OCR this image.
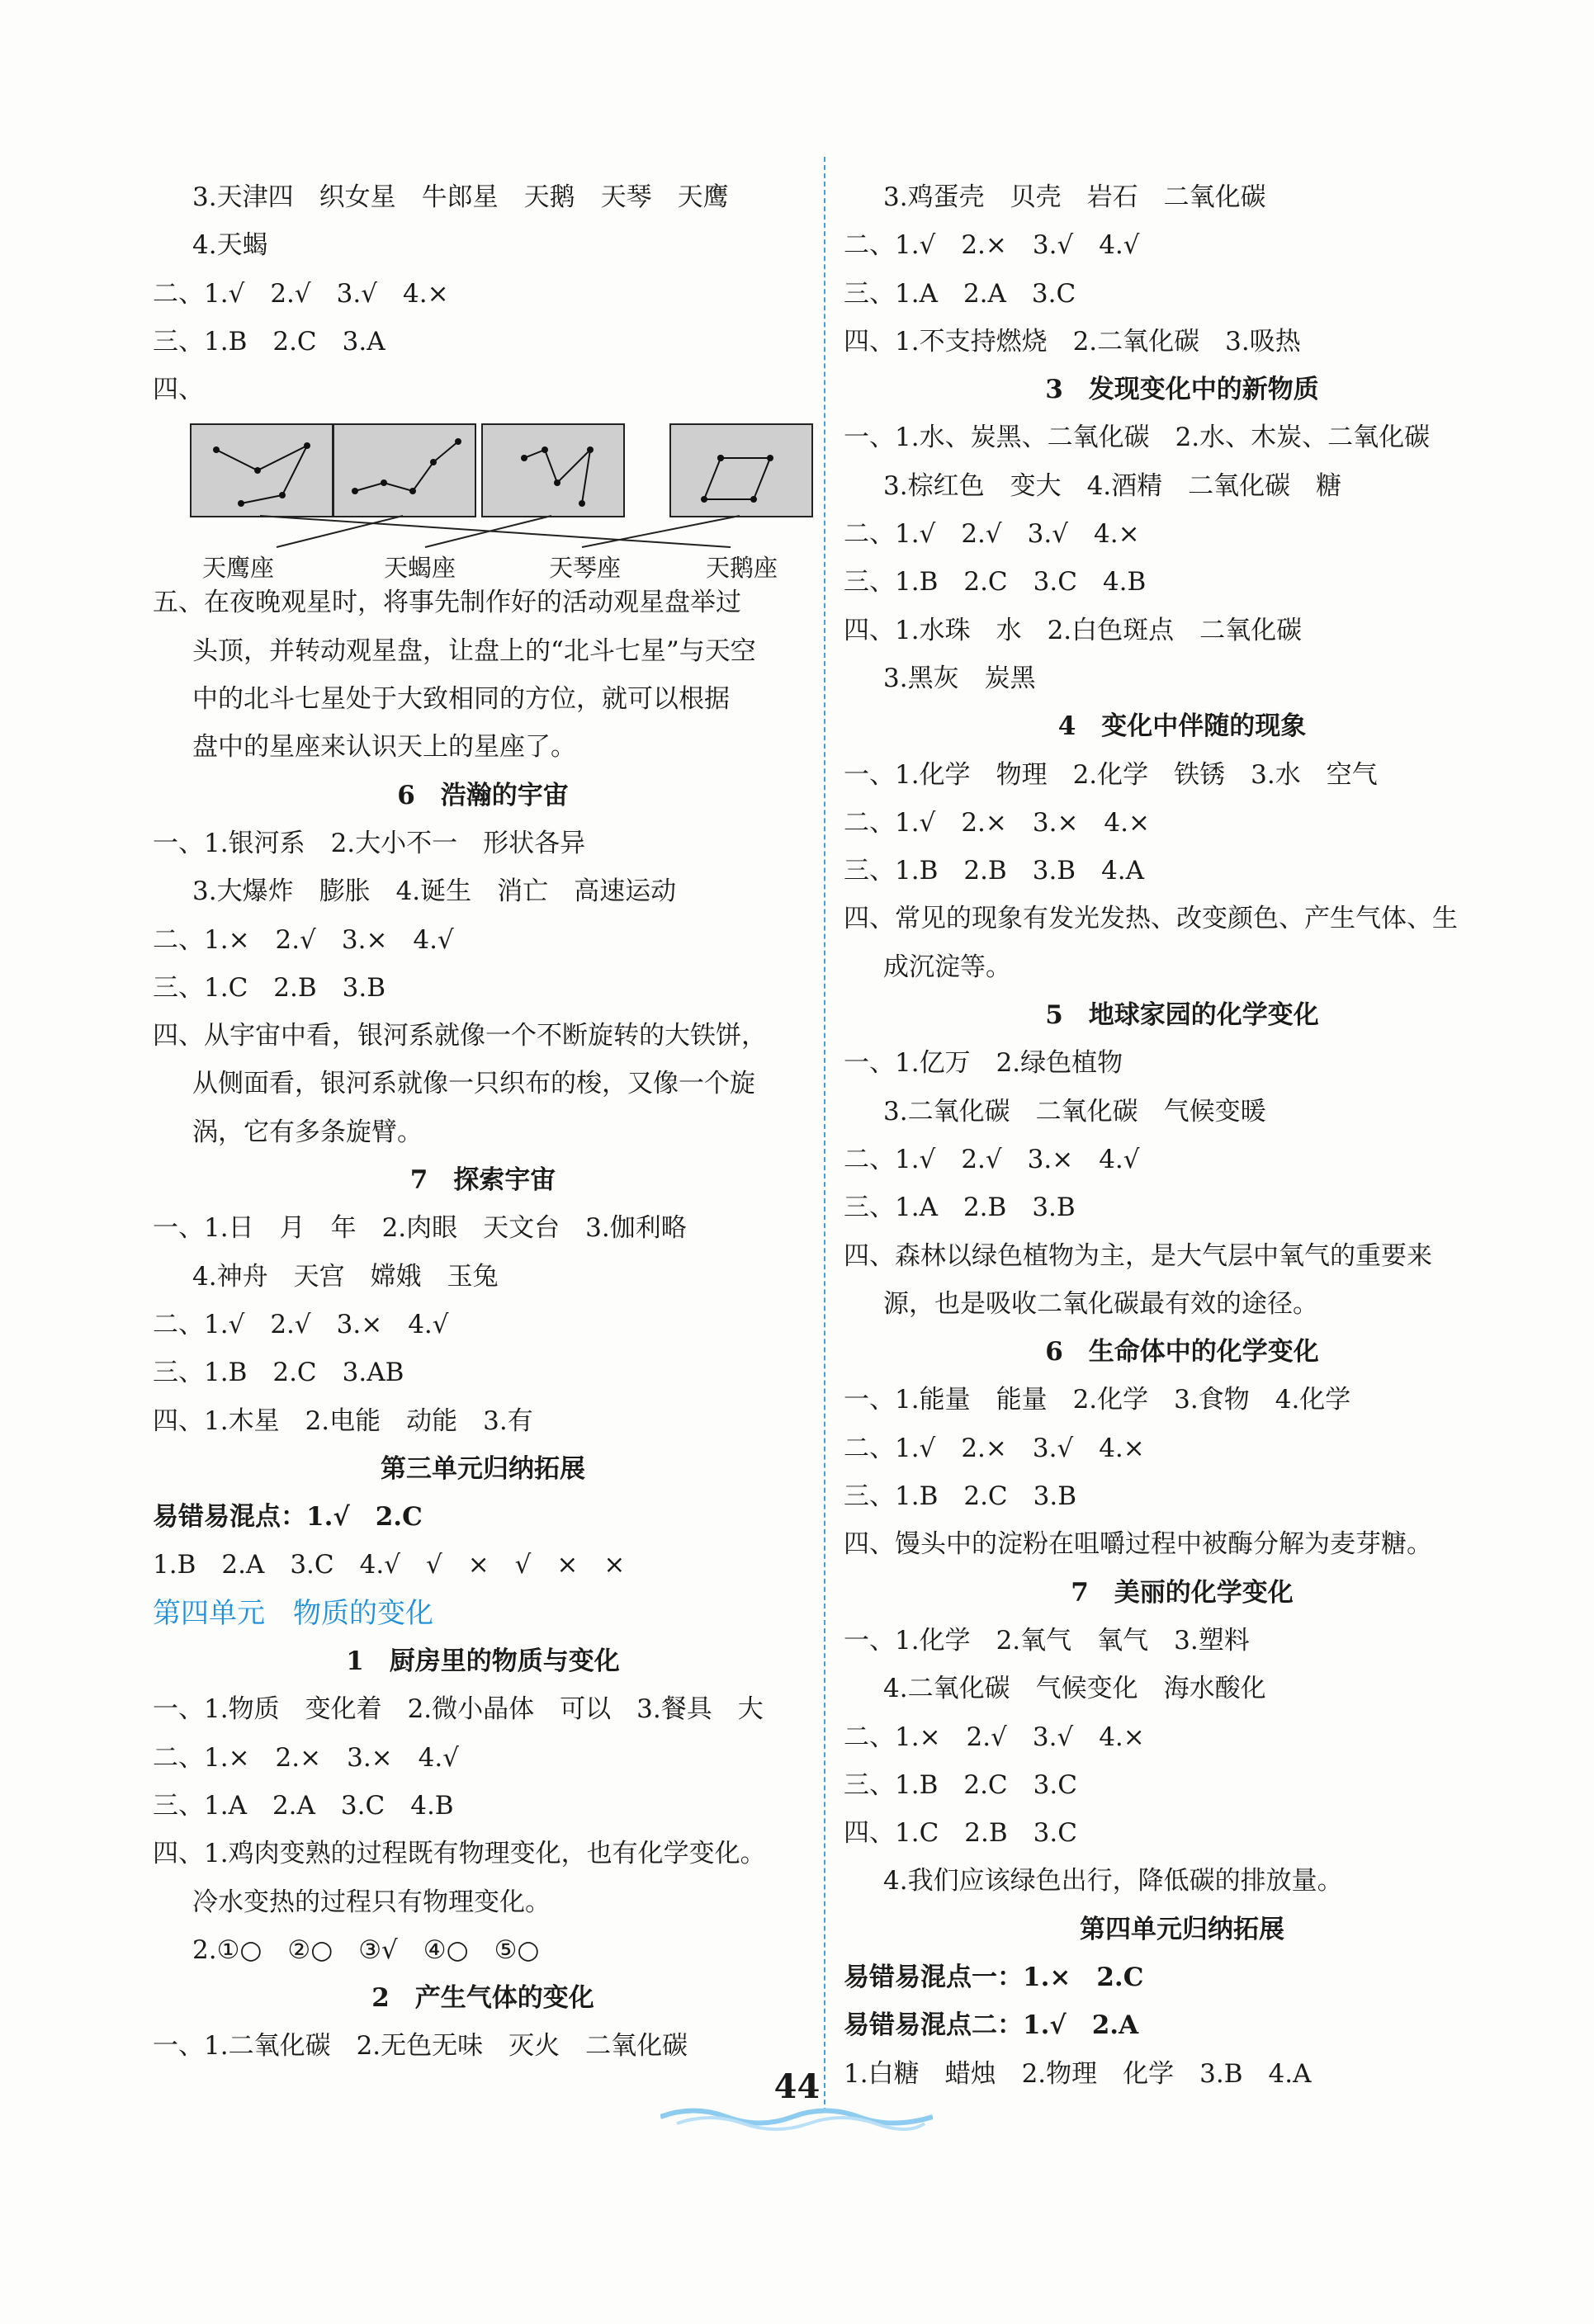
3.天津四　织女星　牛郎星　天鹅　天琴　天鹰
4.天蝎
二、1.√　2.√　3.√　4.×
三、1.B　2.C　3.A
四、
天鹰座	天蝎座	天琴座	天鹅座
五、在夜晚观星时，将事先制作好的活动观星盘举过
头顶，并转动观星盘，让盘上的“北斗七星”与天空
中的北斗七星处于大致相同的方位，就可以根据
盘中的星座来认识天上的星座了。
6　浩瀚的宇宙
一、1.银河系　2.大小不一　形状各异
3.大爆炸　膨胀　4.诞生　消亡　高速运动
二、1.×　2.√　3.×　4.√
三、1.C　2.B　3.B
四、从宇宙中看，银河系就像一个不断旋转的大铁饼，
从侧面看，银河系就像一只织布的梭，又像一个旋
涡，它有多条旋臂。
7　探索宇宙
一、1.日　月　年　2.肉眼　天文台　3.伽利略
4.神舟　天宫　嫦娥　玉兔
二、1.√　2.√　3.×　4.√
三、1.B　2.C　3.AB
四、1.木星　2.电能　动能　3.有
第三单元归纳拓展
易错易混点：1.√　2.C
1.B　2.A　3.C　4.√　√　×　√　×　×
第四单元　物质的变化
1　厨房里的物质与变化
一、1.物质　变化着　2.微小晶体　可以　3.餐具　大
二、1.×　2.×　3.×　4.√
三、1.A　2.A　3.C　4.B
四、1.鸡肉变熟的过程既有物理变化，也有化学变化。
冷水变热的过程只有物理变化。
2.①○　②○　③√　④○　⑤○
2　产生气体的变化
一、1.二氧化碳　2.无色无味　灭火　二氧化碳
3.鸡蛋壳　贝壳　岩石　二氧化碳
二、1.√　2.×　3.√　4.√
三、1.A　2.A　3.C
四、1.不支持燃烧　2.二氧化碳　3.吸热
3　发现变化中的新物质
一、1.水、炭黑、二氧化碳　2.水、木炭、二氧化碳
3.棕红色　变大　4.酒精　二氧化碳　糖
二、1.√　2.√　3.√　4.×
三、1.B　2.C　3.C　4.B
四、1.水珠　水　2.白色斑点　二氧化碳
3.黑灰　炭黑
4　变化中伴随的现象
一、1.化学　物理　2.化学　铁锈　3.水　空气
二、1.√　2.×　3.×　4.×
三、1.B　2.B　3.B　4.A
四、常见的现象有发光发热、改变颜色、产生气体、生
成沉淀等。
5　地球家园的化学变化
一、1.亿万　2.绿色植物
3.二氧化碳　二氧化碳　气候变暖
二、1.√　2.√　3.×　4.√
三、1.A　2.B　3.B
四、森林以绿色植物为主，是大气层中氧气的重要来
源，也是吸收二氧化碳最有效的途径。
6　生命体中的化学变化
一、1.能量　能量　2.化学　3.食物　4.化学
二、1.√　2.×　3.√　4.×
三、1.B　2.C　3.B
四、馒头中的淀粉在咀嚼过程中被酶分解为麦芽糖。
7　美丽的化学变化
一、1.化学　2.氧气　氧气　3.塑料
4.二氧化碳　气候变化　海水酸化
二、1.×　2.√　3.√　4.×
三、1.B　2.C　3.C
四、1.C　2.B　3.C
4.我们应该绿色出行，降低碳的排放量。
第四单元归纳拓展
易错易混点一：1.×　2.C
易错易混点二：1.√　2.A
1.白糖　蜡烛　2.物理　化学　3.B　4.A
44
